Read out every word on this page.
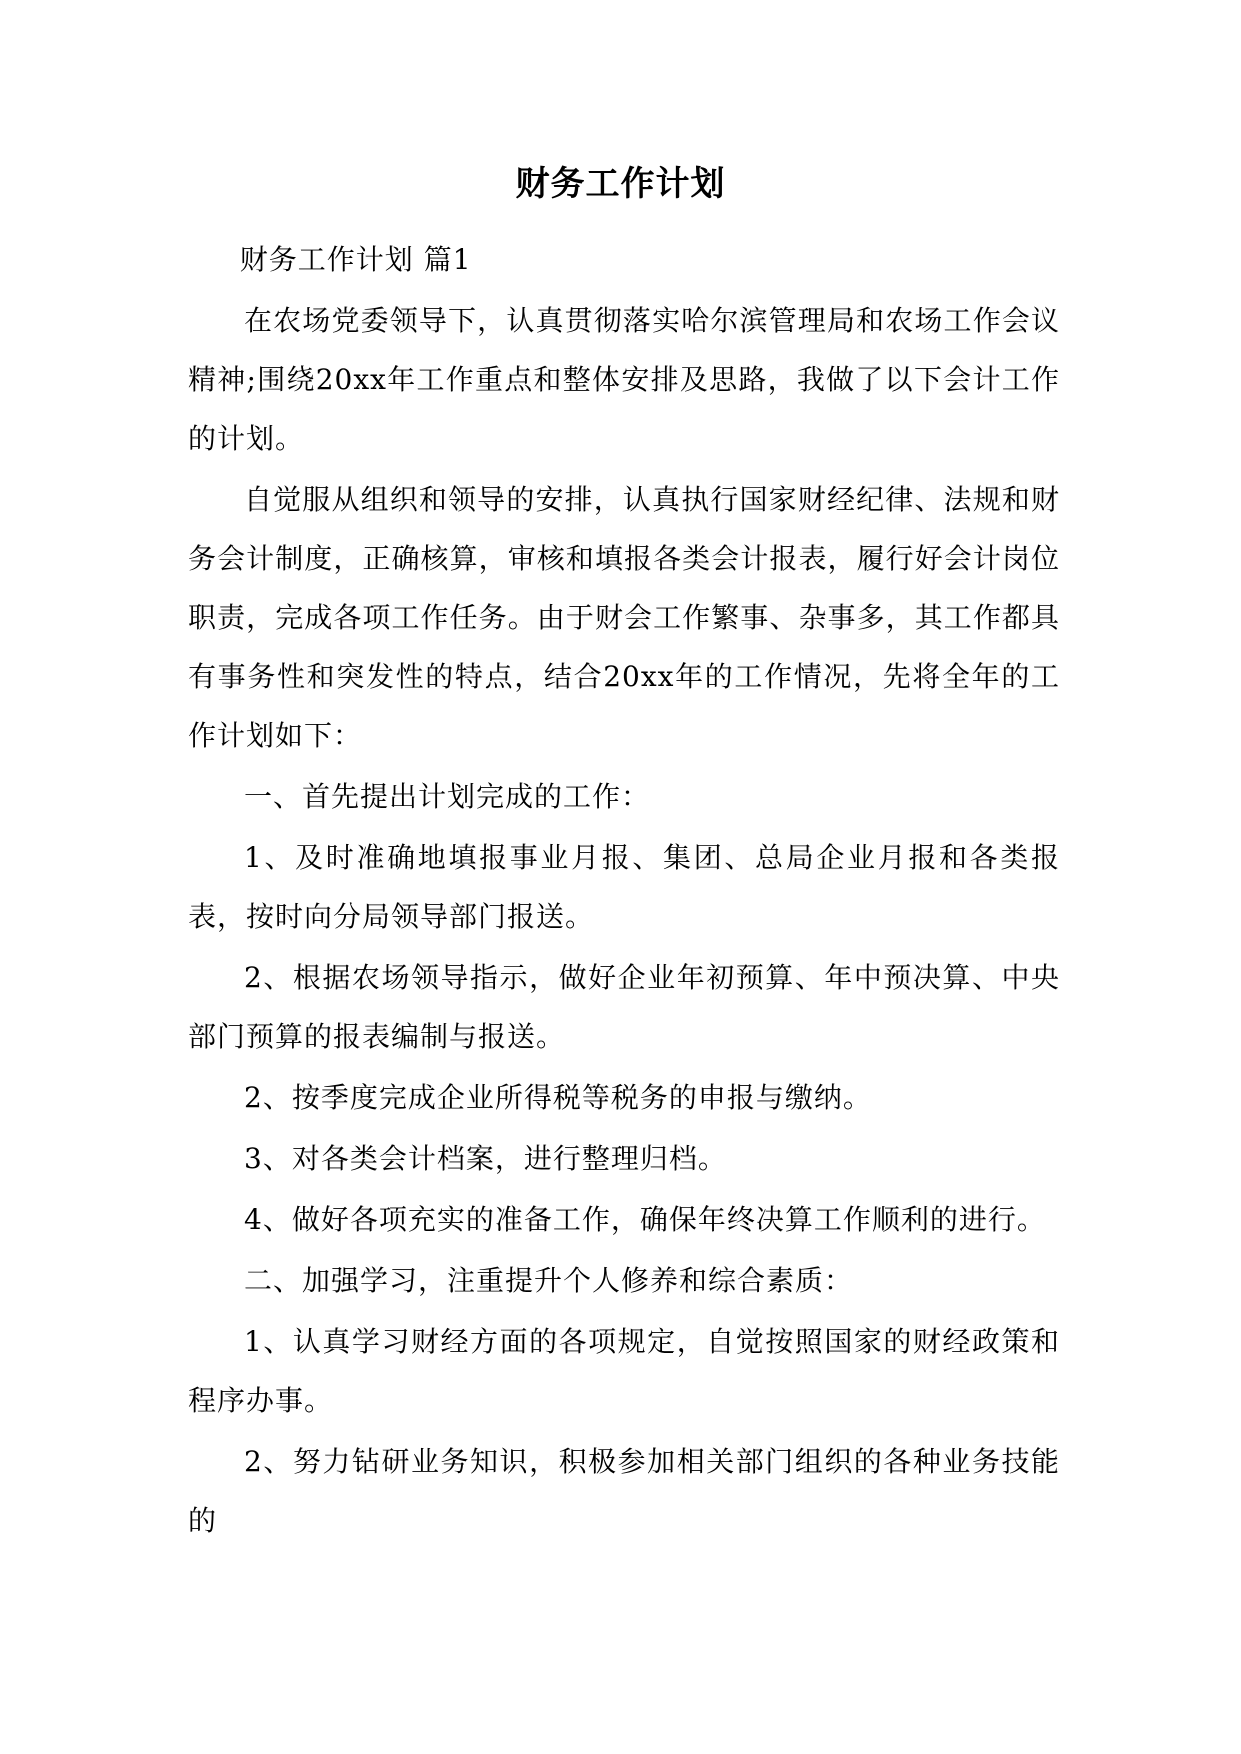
财务工作计划

财务工作计划 篇1

在农场党委领导下，认真贯彻落实哈尔滨管理局和农场工作会议精神;围绕20xx年工作重点和整体安排及思路，我做了以下会计工作的计划。

自觉服从组织和领导的安排，认真执行国家财经纪律、法规和财务会计制度，正确核算，审核和填报各类会计报表，履行好会计岗位职责，完成各项工作任务。由于财会工作繁事、杂事多，其工作都具有事务性和突发性的特点，结合20xx年的工作情况，先将全年的工作计划如下：

一、首先提出计划完成的工作：

1、及时准确地填报事业月报、集团、总局企业月报和各类报表，按时向分局领导部门报送。

2、根据农场领导指示，做好企业年初预算、年中预决算、中央部门预算的报表编制与报送。

2、按季度完成企业所得税等税务的申报与缴纳。

3、对各类会计档案，进行整理归档。

4、做好各项充实的准备工作，确保年终决算工作顺利的进行。

二、加强学习，注重提升个人修养和综合素质：

1、认真学习财经方面的各项规定，自觉按照国家的财经政策和程序办事。

2、努力钻研业务知识，积极参加相关部门组织的各种业务技能的
